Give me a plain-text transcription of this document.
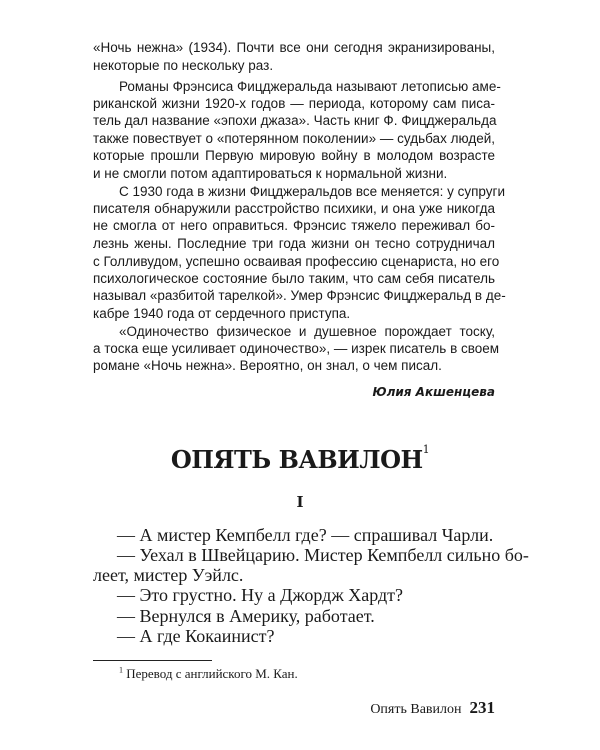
«Ночь нежна» (1934). Почти все они сегодня экранизированы,
некоторые по нескольку раз.
Романы Фрэнсиса Фицджеральда называют летописью аме-
риканской жизни 1920-х годов — периода, которому сам писа-
тель дал название «эпохи джаза». Часть книг Ф. Фицджеральда
также повествует о «потерянном поколении» — судьбах людей,
которые прошли Первую мировую войну в молодом возрасте
и не смогли потом адаптироваться к нормальной жизни.
С 1930 года в жизни Фицджеральдов все меняется: у супруги
писателя обнаружили расстройство психики, и она уже никогда
не смогла от него оправиться. Фрэнсис тяжело переживал бо-
лезнь жены. Последние три года жизни он тесно сотрудничал
с Голливудом, успешно осваивая профессию сценариста, но его
психологическое состояние было таким, что сам себя писатель
называл «разбитой тарелкой». Умер Фрэнсис Фицджеральд в де-
кабре 1940 года от сердечного приступа.
«Одиночество физическое и душевное порождает тоску,
а тоска еще усиливает одиночество», — изрек писатель в своем
романе «Ночь нежна». Вероятно, он знал, о чем писал.
Юлия Акшенцева
ОПЯТЬ ВАВИЛОН$^1$
I
— А мистер Кемпбелл где? — спрашивал Чарли.
— Уехал в Швейцарию. Мистер Кемпбелл сильно бо-
леет, мистер Уэйлс.
— Это грустно. Ну а Джордж Хардт?
— Вернулся в Америку, работает.
— А где Кокаинист?
$^1$ Перевод с английского М. Кан.
Опять Вавилон 231
